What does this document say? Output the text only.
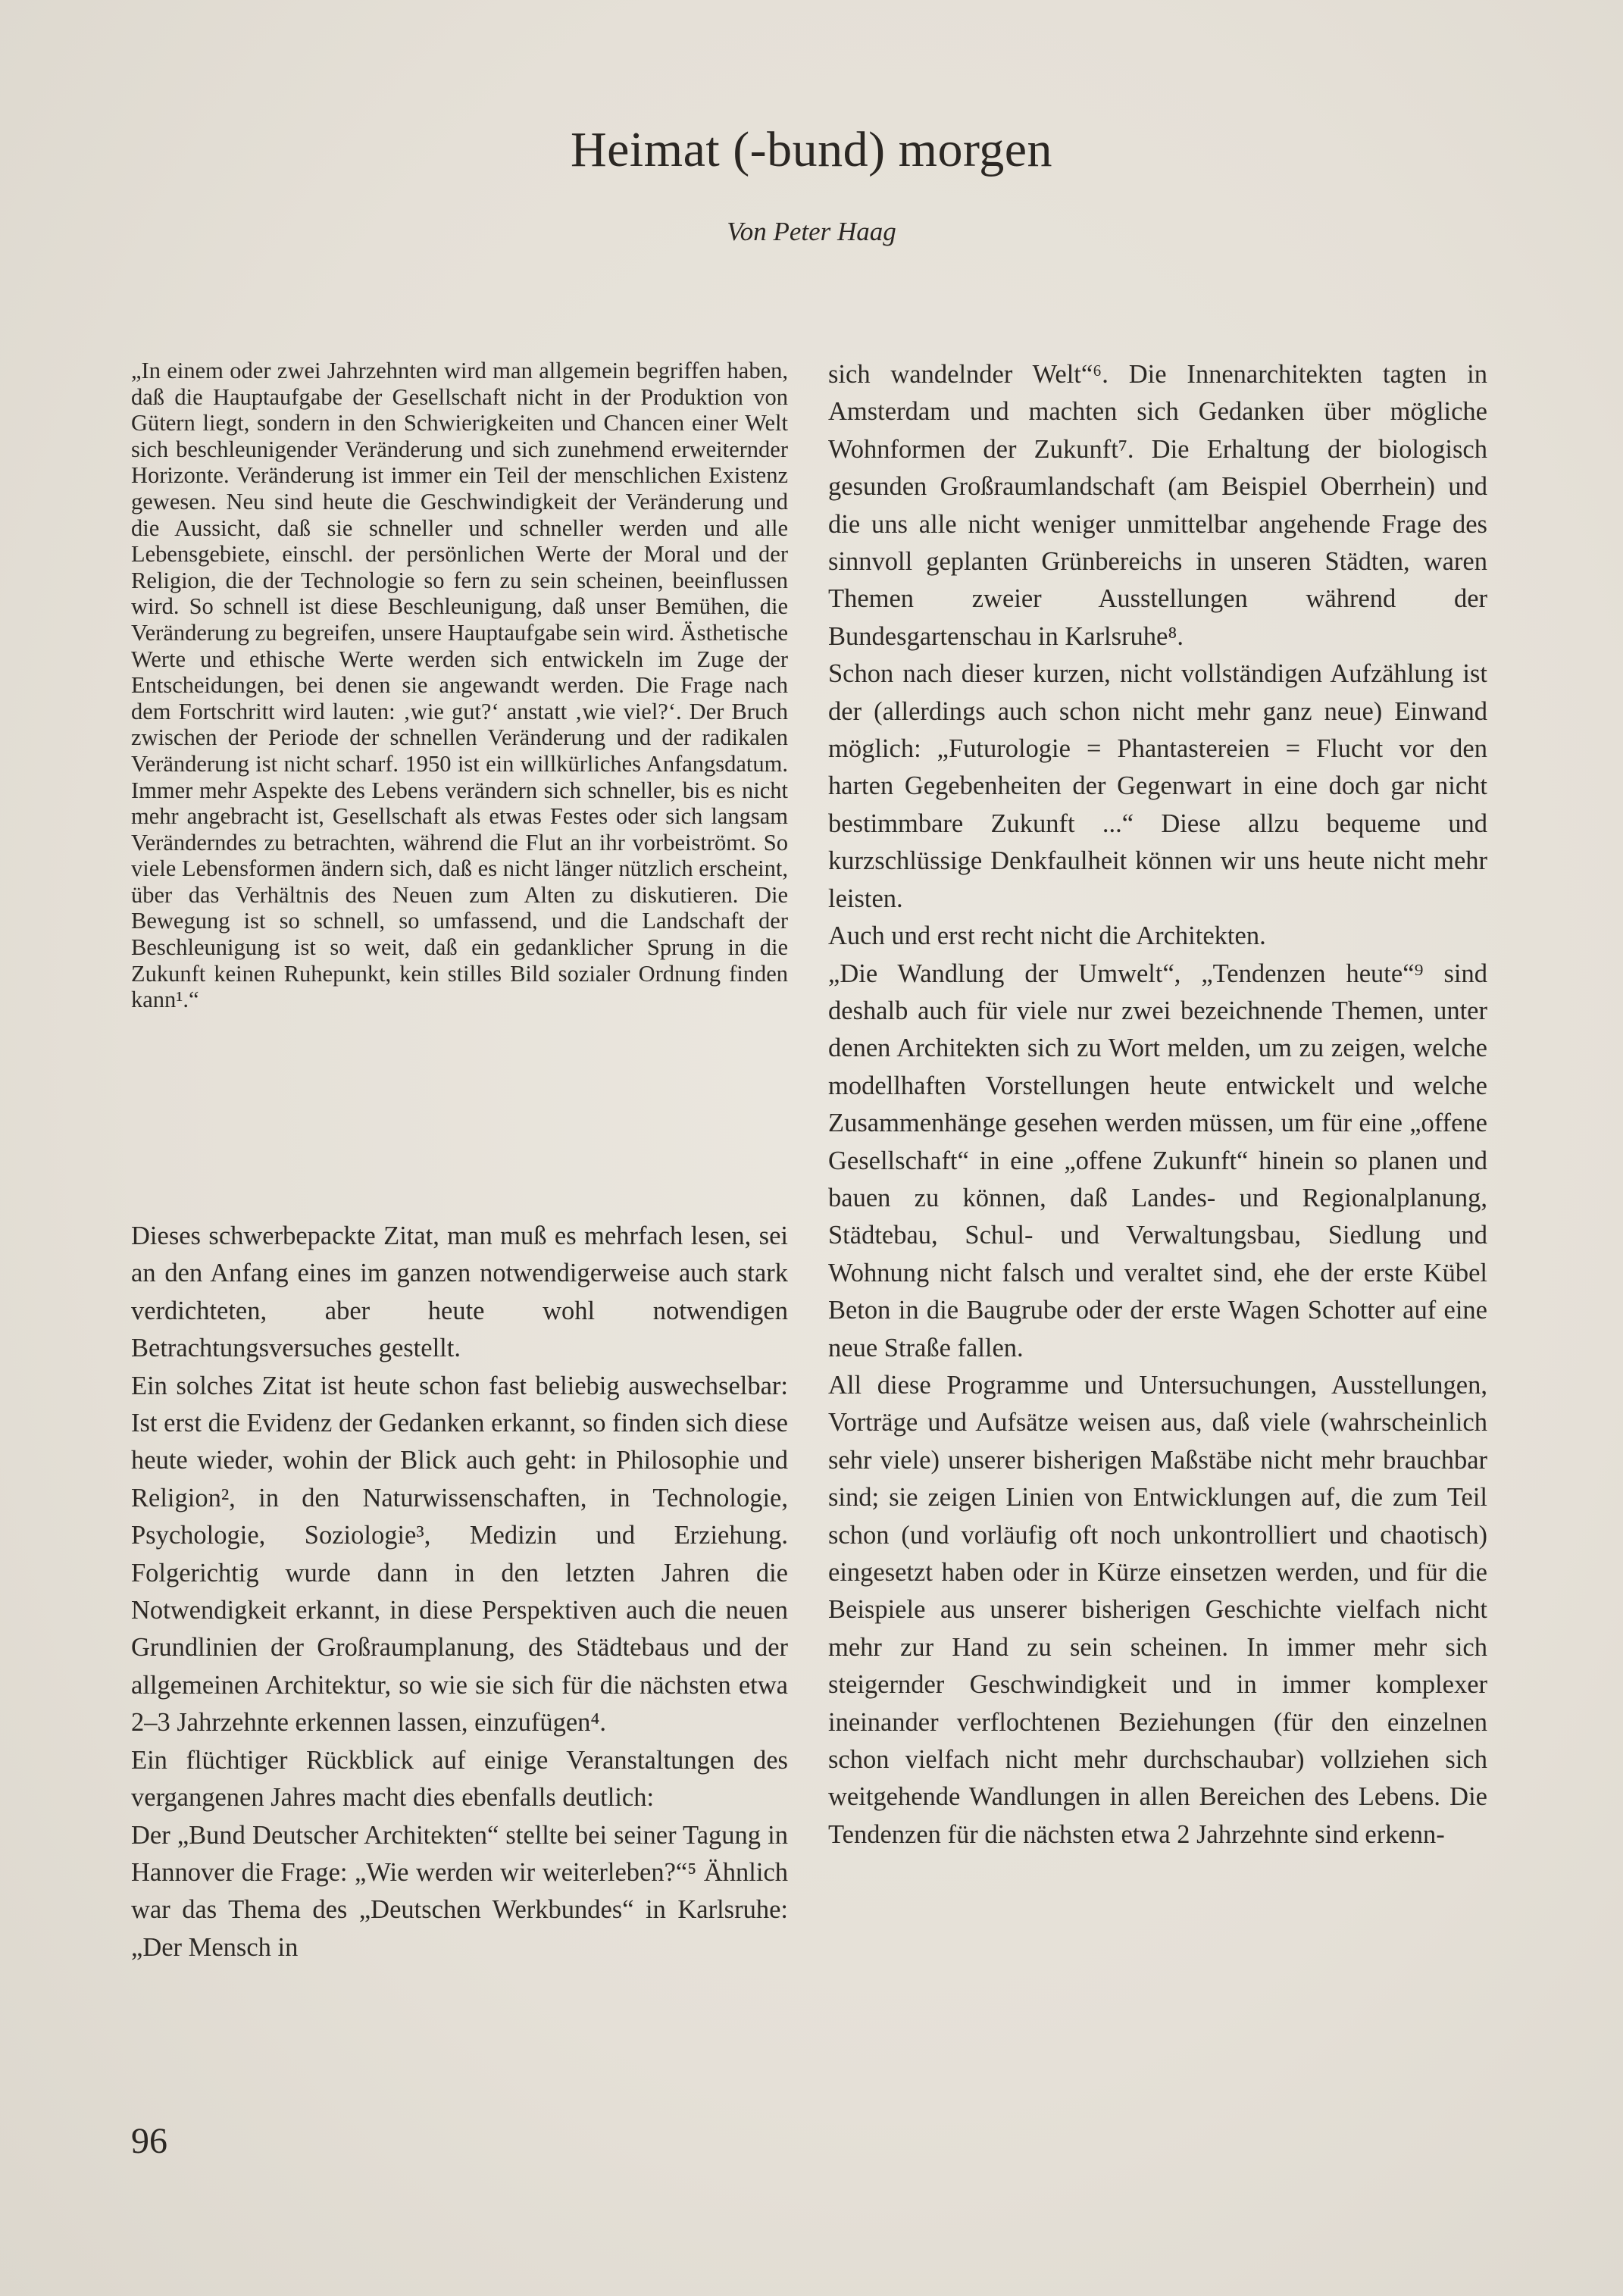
Heimat (-bund) morgen
Von Peter Haag

„In einem oder zwei Jahrzehnten wird man allgemein begriffen haben, daß die Hauptaufgabe der Gesellschaft nicht in der Produktion von Gütern liegt, sondern in den Schwierigkeiten und Chancen einer Welt sich beschleunigender Veränderung und sich zunehmend erweiternder Horizonte. Veränderung ist immer ein Teil der menschlichen Existenz gewesen. Neu sind heute die Geschwindigkeit der Veränderung und die Aussicht, daß sie schneller und schneller werden und alle Lebensgebiete, einschl. der persönlichen Werte der Moral und der Religion, die der Technologie so fern zu sein scheinen, beeinflussen wird. So schnell ist diese Beschleunigung, daß unser Bemühen, die Veränderung zu begreifen, unsere Hauptaufgabe sein wird. Ästhetische Werte und ethische Werte werden sich entwickeln im Zuge der Entscheidungen, bei denen sie angewandt werden. Die Frage nach dem Fortschritt wird lauten: ‚wie gut?‘ anstatt ‚wie viel?‘. Der Bruch zwischen der Periode der schnellen Veränderung und der radikalen Veränderung ist nicht scharf. 1950 ist ein willkürliches Anfangsdatum. Immer mehr Aspekte des Lebens verändern sich schneller, bis es nicht mehr angebracht ist, Gesellschaft als etwas Festes oder sich langsam Veränderndes zu betrachten, während die Flut an ihr vorbeiströmt. So viele Lebensformen ändern sich, daß es nicht länger nützlich erscheint, über das Verhältnis des Neuen zum Alten zu diskutieren. Die Bewegung ist so schnell, so umfassend, und die Landschaft der Beschleunigung ist so weit, daß ein gedanklicher Sprung in die Zukunft keinen Ruhepunkt, kein stilles Bild sozialer Ordnung finden kann¹.“

Dieses schwerbepackte Zitat, man muß es mehrfach lesen, sei an den Anfang eines im ganzen notwendigerweise auch stark verdichteten, aber heute wohl notwendigen Betrachtungsversuches gestellt.

Ein solches Zitat ist heute schon fast beliebig auswechselbar: Ist erst die Evidenz der Gedanken erkannt, so finden sich diese heute wieder, wohin der Blick auch geht: in Philosophie und Religion², in den Naturwissenschaften, in Technologie, Psychologie, Soziologie³, Medizin und Erziehung. Folgerichtig wurde dann in den letzten Jahren die Notwendigkeit erkannt, in diese Perspektiven auch die neuen Grundlinien der Großraumplanung, des Städtebaus und der allgemeinen Architektur, so wie sie sich für die nächsten etwa 2–3 Jahrzehnte erkennen lassen, einzufügen⁴.

Ein flüchtiger Rückblick auf einige Veranstaltungen des vergangenen Jahres macht dies ebenfalls deutlich:

Der „Bund Deutscher Architekten“ stellte bei seiner Tagung in Hannover die Frage: „Wie werden wir weiterleben?“⁵ Ähnlich war das Thema des „Deutschen Werkbundes“ in Karlsruhe: „Der Mensch in

sich wandelnder Welt“⁶. Die Innenarchitekten tagten in Amsterdam und machten sich Gedanken über mögliche Wohnformen der Zukunft⁷. Die Erhaltung der biologisch gesunden Großraumlandschaft (am Beispiel Oberrhein) und die uns alle nicht weniger unmittelbar angehende Frage des sinnvoll geplanten Grünbereichs in unseren Städten, waren Themen zweier Ausstellungen während der Bundesgartenschau in Karlsruhe⁸.

Schon nach dieser kurzen, nicht vollständigen Aufzählung ist der (allerdings auch schon nicht mehr ganz neue) Einwand möglich: „Futurologie = Phantastereien = Flucht vor den harten Gegebenheiten der Gegenwart in eine doch gar nicht bestimmbare Zukunft ...“ Diese allzu bequeme und kurzschlüssige Denkfaulheit können wir uns heute nicht mehr leisten.

Auch und erst recht nicht die Architekten.

„Die Wandlung der Umwelt“, „Tendenzen heute“⁹ sind deshalb auch für viele nur zwei bezeichnende Themen, unter denen Architekten sich zu Wort melden, um zu zeigen, welche modellhaften Vorstellungen heute entwickelt und welche Zusammenhänge gesehen werden müssen, um für eine „offene Gesellschaft“ in eine „offene Zukunft“ hinein so planen und bauen zu können, daß Landes- und Regionalplanung, Städtebau, Schul- und Verwaltungsbau, Siedlung und Wohnung nicht falsch und veraltet sind, ehe der erste Kübel Beton in die Baugrube oder der erste Wagen Schotter auf eine neue Straße fallen.

All diese Programme und Untersuchungen, Ausstellungen, Vorträge und Aufsätze weisen aus, daß viele (wahrscheinlich sehr viele) unserer bisherigen Maßstäbe nicht mehr brauchbar sind; sie zeigen Linien von Entwicklungen auf, die zum Teil schon (und vorläufig oft noch unkontrolliert und chaotisch) eingesetzt haben oder in Kürze einsetzen werden, und für die Beispiele aus unserer bisherigen Geschichte vielfach nicht mehr zur Hand zu sein scheinen. In immer mehr sich steigernder Geschwindigkeit und in immer komplexer ineinander verflochtenen Beziehungen (für den einzelnen schon vielfach nicht mehr durchschaubar) vollziehen sich weitgehende Wandlungen in allen Bereichen des Lebens. Die Tendenzen für die nächsten etwa 2 Jahrzehnte sind erkenn-

96
